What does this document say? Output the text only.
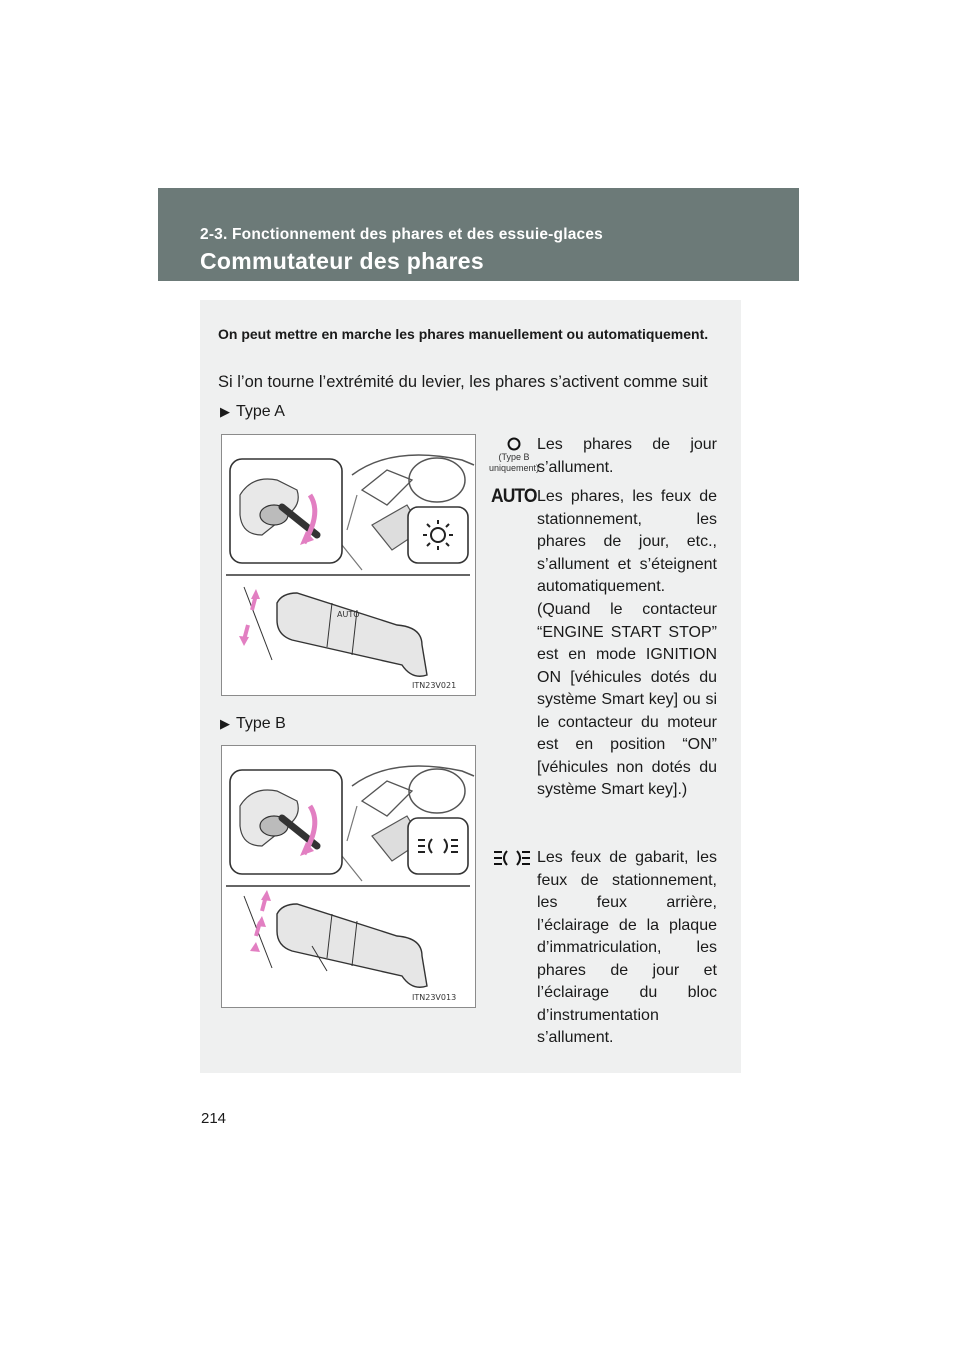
2-3. Fonctionnement des phares et des essuie-glaces
Commutateur des phares
On peut mettre en marche les phares manuellement ou automatiquement.
Si l’on tourne l’extrémité du levier, les phares s’activent comme suit
▶ Type A
AUTO
ITN23V021
▶ Type B
ITN23V013
(Type B uniquement)
Les phares de jour s’allument.
AUTO Les phares, les feux de stationnement, les phares de jour, etc., s’allument et s’éteignent automatiquement.
(Quand le contacteur “ENGINE START STOP” est en mode IGNITION ON [véhicules dotés du système Smart key] ou si le contacteur du moteur est en position “ON” [véhicules non dotés du système Smart key].)
Les feux de gabarit, les feux de stationnement, les feux arrière, l’éclairage de la plaque d’immatriculation, les phares de jour et l’éclairage du bloc d’instrumentation s’allument.
214
